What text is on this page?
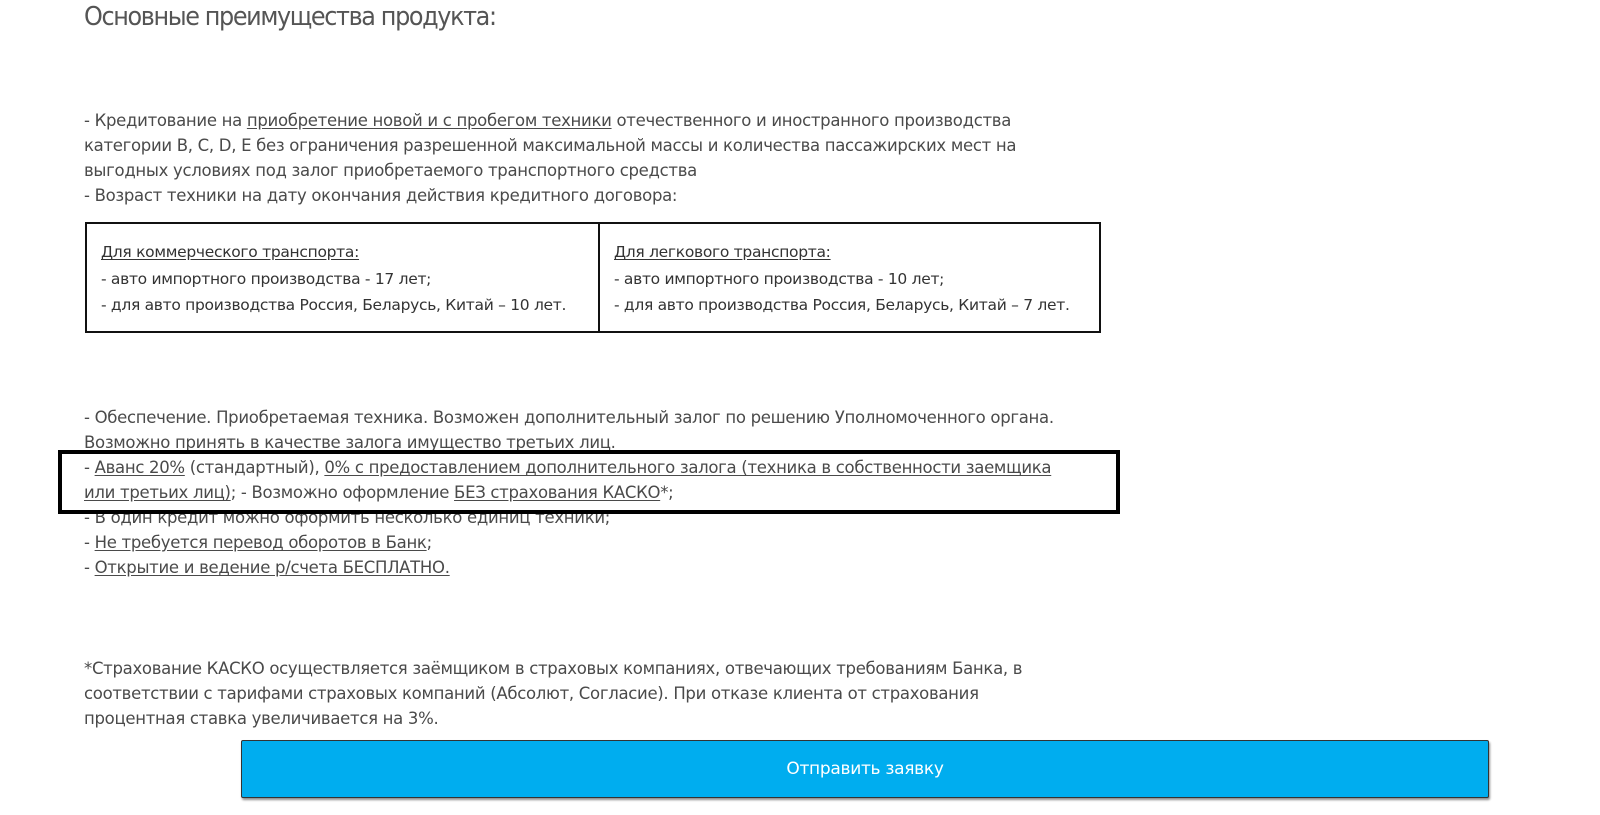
Основные преимущества продукта:
- Кредитование на приобретение новой и с пробегом техники отечественного и иностранного производства
категории B, C, D, E без ограничения разрешенной максимальной массы и количества пассажирских мест на
выгодных условиях под залог приобретаемого транспортного средства
- Возраст техники на дату окончания действия кредитного договора:
Для коммерческого транспорта:
- авто импортного производства - 17 лет;
- для авто производства Россия, Беларусь, Китай – 10 лет.
Для легкового транспорта:
- авто импортного производства - 10 лет;
- для авто производства Россия, Беларусь, Китай – 7 лет.
- Обеспечение. Приобретаемая техника. Возможен дополнительный залог по решению Уполномоченного органа.
Возможно принять в качестве залога имущество третьих лиц.
- Аванс 20% (стандартный), 0% с предоставлением дополнительного залога (техника в собственности заемщика
или третьих лиц); - Возможно оформление БЕЗ страхования КАСКО*;
- В один кредит можно оформить несколько единиц техники;
- Не требуется перевод оборотов в Банк;
- Открытие и ведение р/счета БЕСПЛАТНО.
*Страхование КАСКО осуществляется заёмщиком в страховых компаниях, отвечающих требованиям Банка, в
соответствии с тарифами страховых компаний (Абсолют, Согласие). При отказе клиента от страхования
процентная ставка увеличивается на 3%.
Отправить заявку
